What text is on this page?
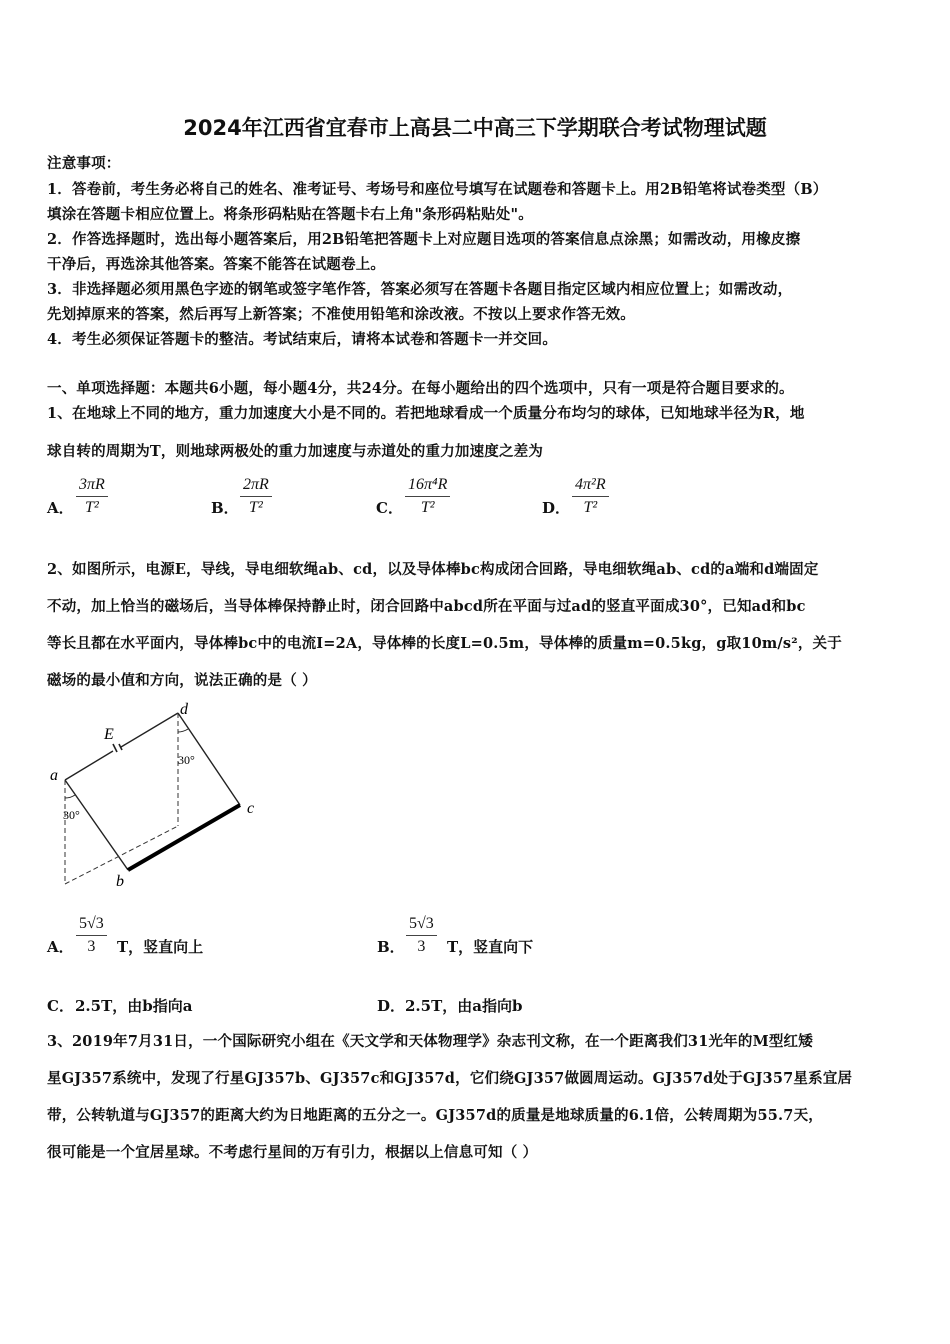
2024年江西省宜春市上高县二中高三下学期联合考试物理试题
注意事项：
1．答卷前，考生务必将自己的姓名、准考证号、考场号和座位号填写在试题卷和答题卡上。用2B铅笔将试卷类型（B）
填涂在答题卡相应位置上。将条形码粘贴在答题卡右上角"条形码粘贴处"。
2．作答选择题时，选出每小题答案后，用2B铅笔把答题卡上对应题目选项的答案信息点涂黑；如需改动，用橡皮擦
干净后，再选涂其他答案。答案不能答在试题卷上。
3．非选择题必须用黑色字迹的钢笔或签字笔作答，答案必须写在答题卡各题目指定区域内相应位置上；如需改动，
先划掉原来的答案，然后再写上新答案；不准使用铅笔和涂改液。不按以上要求作答无效。
4．考生必须保证答题卡的整洁。考试结束后，请将本试卷和答题卡一并交回。
一、单项选择题：本题共6小题，每小题4分，共24分。在每小题给出的四个选项中，只有一项是符合题目要求的。
1、在地球上不同的地方，重力加速度大小是不同的。若把地球看成一个质量分布均匀的球体，已知地球半径为R，地
球自转的周期为T，则地球两极处的重力加速度与赤道处的重力加速度之差为
A． $\frac{3\pi R}{\text{T²}}$	B． $\frac{2\pi R}{\text{T²}}$	C． $\frac{\text{16π⁴R}}{\text{T²}}$	D． $\frac{\text{4π²R}}{\text{T²}}$
2、如图所示，电源E，导线，导电细软绳ab、cd，以及导体棒bc构成闭合回路，导电细软绳ab、cd的a端和d端固定
不动，加上恰当的磁场后，当导体棒保持静止时，闭合回路中abcd所在平面与过ad的竖直平面成30°，已知ad和bc
等长且都在水平面内，导体棒bc中的电流I=2A，导体棒的长度L=0.5m，导体棒的质量m=0.5kg，g取10m/s²，关于
磁场的最小值和方向，说法正确的是（ ）
E
a
b
c
d
30°
30°
A． $\frac{5√3}{3}$ T，竖直向上	B． $\frac{5√3}{3}$ T，竖直向下
C． 2.5T，由b指向a	D． 2.5T，由a指向b
3、2019年7月31日，一个国际研究小组在《天文学和天体物理学》杂志刊文称，在一个距离我们31光年的M型红矮
星GJ357系统中，发现了行星GJ357b、GJ357c和GJ357d，它们绕GJ357做圆周运动。GJ357d处于GJ357星系宜居
带，公转轨道与GJ357的距离大约为日地距离的五分之一。GJ357d的质量是地球质量的6.1倍，公转周期为55.7天，
很可能是一个宜居星球。不考虑行星间的万有引力，根据以上信息可知（ ）
